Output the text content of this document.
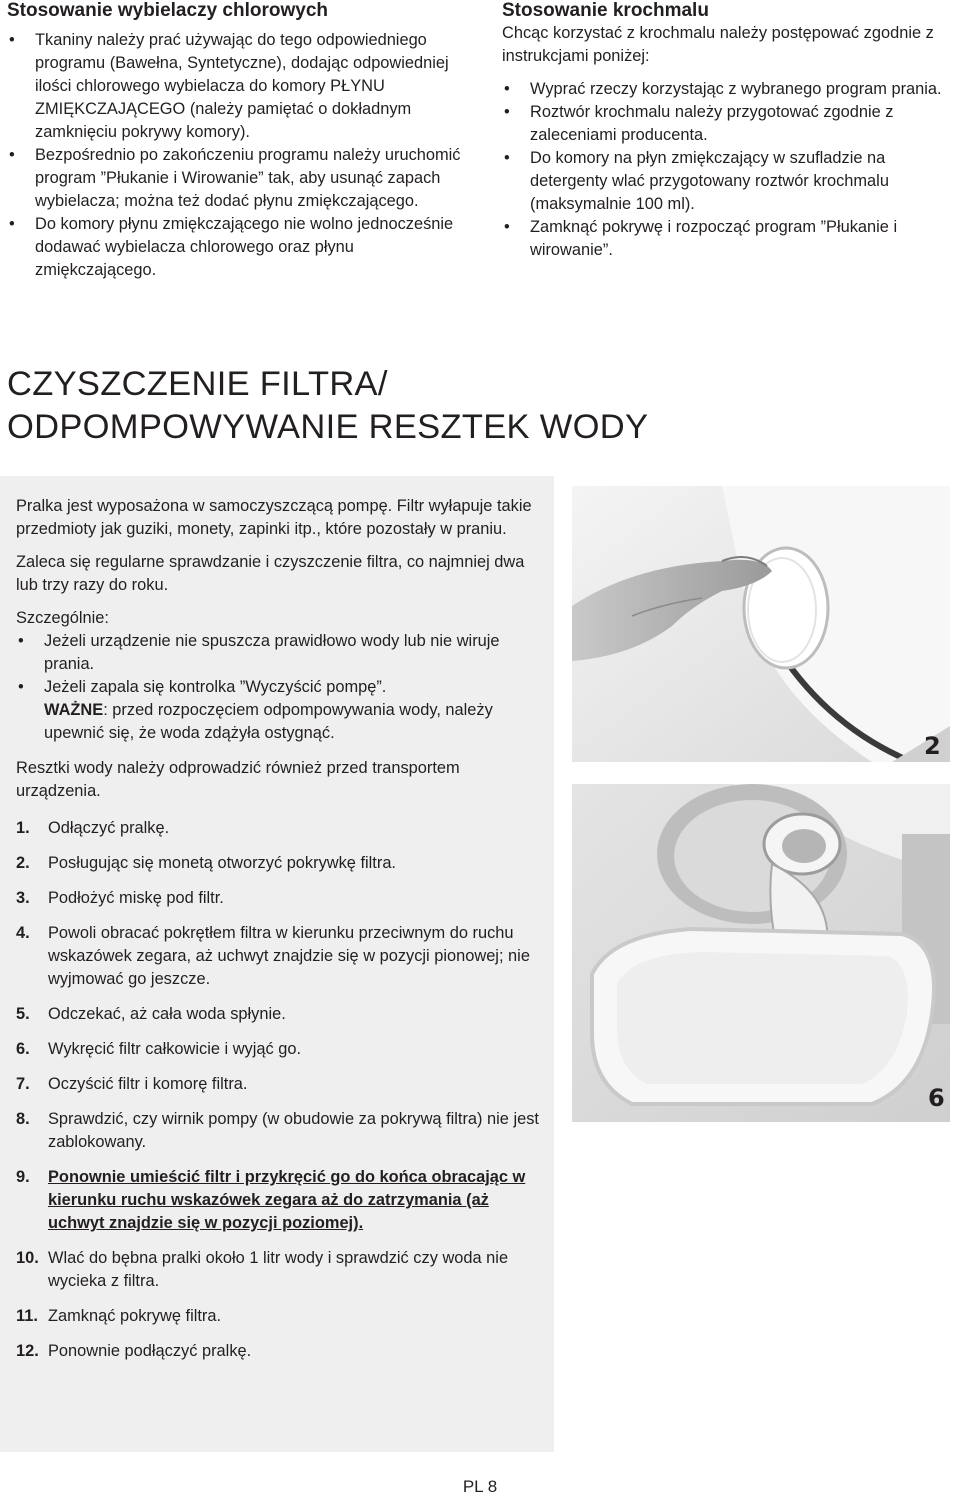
Stosowanie wybielaczy chlorowych
• Tkaniny należy prać używając do tego odpowiedniego programu (Bawełna, Syntetyczne), dodając odpowiedniej ilości chlorowego wybielacza do komory PŁYNU ZMIĘKCZAJĄCEGO (należy pamiętać o dokładnym zamknięciu pokrywy komory).
• Bezpośrednio po zakończeniu programu należy uruchomić program ”Płukanie i Wirowanie” tak, aby usunąć zapach wybielacza; można też dodać płynu zmiękczającego.
• Do komory płynu zmiękczającego nie wolno jednocześnie dodawać wybielacza chlorowego oraz płynu zmiękczającego.
Stosowanie krochmalu

Chcąc korzystać z krochmalu należy postępować zgodnie z instrukcjami poniżej:

• Wyprać rzeczy korzystając z wybranego program prania.
• Roztwór krochmalu należy przygotować zgodnie z zaleceniami producenta.
• Do komory na płyn zmiękczający w szufladzie na detergenty wlać przygotowany roztwór krochmalu (maksymalnie 100 ml).
• Zamknąć pokrywę i rozpocząć program ”Płukanie i wirowanie”.
CZYSZCZENIE FILTRA/
ODPOMPOWYWANIE RESZTEK WODY

Pralka jest wyposażona w samoczyszczącą pompę. Filtr wyłapuje takie przedmioty jak guziki, monety, zapinki itp., które pozostały w praniu.

Zaleca się regularne sprawdzanie i czyszczenie filtra, co najmniej dwa lub trzy razy do roku.

Szczególnie:

• Jeżeli urządzenie nie spuszcza prawidłowo wody lub nie wiruje prania.
• Jeżeli zapala się kontrolka ”Wyczyścić pompę”.
WAŻNE: przed rozpoczęciem odpompowywania wody, należy upewnić się, że woda zdążyła ostygnąć.

Resztki wody należy odprowadzić również przed transportem urządzenia.

1. Odłączyć pralkę.
2. Posługując się monetą otworzyć pokrywkę filtra.
3. Podłożyć miskę pod filtr.
4. Powoli obracać pokrętłem filtra w kierunku przeciwnym do ruchu wskazówek zegara, aż uchwyt znajdzie się w pozycji pionowej; nie wyjmować go jeszcze.
5. Odczekać, aż cała woda spłynie.
6. Wykręcić filtr całkowicie i wyjąć go.
7. Oczyścić filtr i komorę filtra.
8. Sprawdzić, czy wirnik pompy (w obudowie za pokrywą filtra) nie jest zablokowany.
9. Ponownie umieścić filtr i przykręcić go do końca obracając w kierunku ruchu wskazówek zegara aż do zatrzymania (aż uchwyt znajdzie się w pozycji poziomej).
10. Wlać do bębna pralki około 1 litr wody i sprawdzić czy woda nie wycieka z filtra.
11. Zamknąć pokrywę filtra.
12. Ponownie podłączyć pralkę.
2
6
PL 8
